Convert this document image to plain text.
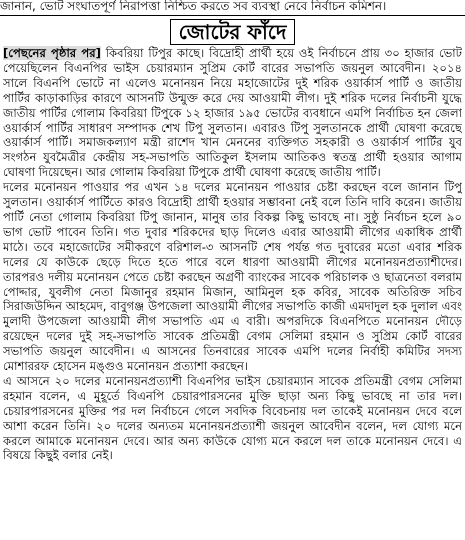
জানান, ভোট সংঘাতপূর্ণ নিরাপত্তা নিশ্চিত করতে সব ব্যবস্থা নেবে নির্বাচন কমিশন।
জোটের ফাঁদে

[পেছনের পৃষ্ঠার পর] কিবরিয়া টিপুর কাছে। বিদ্রোহী প্রার্থী হয়ে ওই নির্বাচনে প্রায় ৩০ হাজার ভোট পেয়েছিলেন বিএনপির ভাইস চেয়ারম্যান সুপ্রিম কোর্ট বারের সভাপতি জয়নুল আবেদীন। ২০১৪ সালে বিএনপি ভোটে না এলেও মনোনয়ন নিয়ে মহাজোটের দুই শরিক ওয়ার্কার্স পার্টি ও জাতীয় পার্টির কাড়াকাড়ির কারণে আসনটি উন্মুক্ত করে দেয় আওয়ামী লীগ। দুই শরিক দলের নির্বাচনী যুদ্ধে জাতীয় পার্টির গোলাম কিবরিয়া টিপুকে ১২ হাজার ১৯৫ ভোটের ব্যবধানে এমপি নির্বাচিত হন জেলা ওয়ার্কার্স পার্টির সাধারণ সম্পাদক শেখ টিপু সুলতান। এবারও টিপু সুলতানকে প্রার্থী ঘোষণা করেছে ওয়ার্কার্স পার্টি। সমাজকল্যাণ মন্ত্রী রাশেদ খান মেননের ব্যক্তিগত সহকারী ও ওয়ার্কার্স পার্টির যুব সংগঠন যুবমৈত্রীর কেন্দ্রীয় সহ-সভাপতি আতিকুল ইসলাম আতিকও স্বতন্ত্র প্রার্থী হওয়ার আগাম ঘোষণা দিয়েছেন। আর গোলাম কিবরিয়া টিপুকে প্রার্থী ঘোষণা করেছে জাতীয় পার্টি।

দলের মনোনয়ন পাওয়ার পর এখন ১৪ দলের মনোনয়ন পাওয়ার চেষ্টা করছেন বলে জানান টিপু সুলতান। ওয়ার্কার্স পার্টিতে কারও বিদ্রোহী প্রার্থী হওয়ার সম্ভাবনা নেই বলে তিনি দাবি করেন। জাতীয় পার্টি নেতা গোলাম কিবরিয়া টিপু জানান, মানুষ তার বিকল্প কিছু ভাবছে না। সুষ্ঠু নির্বাচন হলে ৯০ ভাগ ভোট পাবেন তিনি। গত দুবার শরিকদের ছাড় দিলেও এবার আওয়ামী লীগের একাধিক প্রার্থী মাঠে। তবে মহাজোটের সমীকরণে বরিশাল-৩ আসনটি শেষ পর্যন্ত গত দুবারের মতো এবার শরিক দলের যে কাউকে ছেড়ে দিতে হতে পারে বলে ধারণা আওয়ামী লীগের মনোনয়নপ্রত্যাশীদের। তারপরও দলীয় মনোনয়ন পেতে চেষ্টা করছেন অগ্রণী ব্যাংকের সাবেক পরিচালক ও ছাত্রনেতা বলরাম পোদ্দার, যুবলীগ নেতা মিজানুর রহমান মিজান, আমিনুল হক কবির, সাবেক অতিরিক্ত সচিব সিরাজউদ্দিন আহমেদ, বাবুগঞ্জ উপজেলা আওয়ামী লীগের সভাপতি কাজী এমদাদুল হক দুলাল এবং মুলাদী উপজেলা আওয়ামী লীগ সভাপতি এম এ বারী। অপরদিকে বিএনপিতে মনোনয়ন দৌড়ে রয়েছেন দলের দুই সহ-সভাপতি সাবেক প্রতিমন্ত্রী বেগম সেলিমা রহমান ও সুপ্রিম কোর্ট বারের সভাপতি জয়নুল আবেদীন। এ আসনের তিনবারের সাবেক এমপি দলের নির্বাহী কমিটির সদস্য মোশাররফ হোসেন মঙ্গুও মনোনয়ন প্রত্যাশা করছেন।

এ আসনে ২০ দলের মনোনয়নপ্রত্যাশী বিএনপির ভাইস চেয়ারম্যান সাবেক প্রতিমন্ত্রী বেগম সেলিমা রহমান বলেন, এ মুহূর্তে বিএনপি চেয়ারপারসনের মুক্তি ছাড়া অন্য কিছু ভাবছে না তার দল। চেয়ারপারসনের মুক্তির পর দল নির্বাচনে গেলে সবদিক বিবেচনায় দল তাকেই মনোনয়ন দেবে বলে আশা করেন তিনি। ২০ দলের অন্যতম মনোনয়নপ্রত্যাশী জয়নুল আবেদীন বলেন, দল যোগ্য মনে করলে আমাকে মনোনয়ন দেবে। আর অন্য কাউকে যোগ্য মনে করলে দল তাকে মনোনয়ন দেবে। এ বিষয়ে কিছুই বলার নেই।
